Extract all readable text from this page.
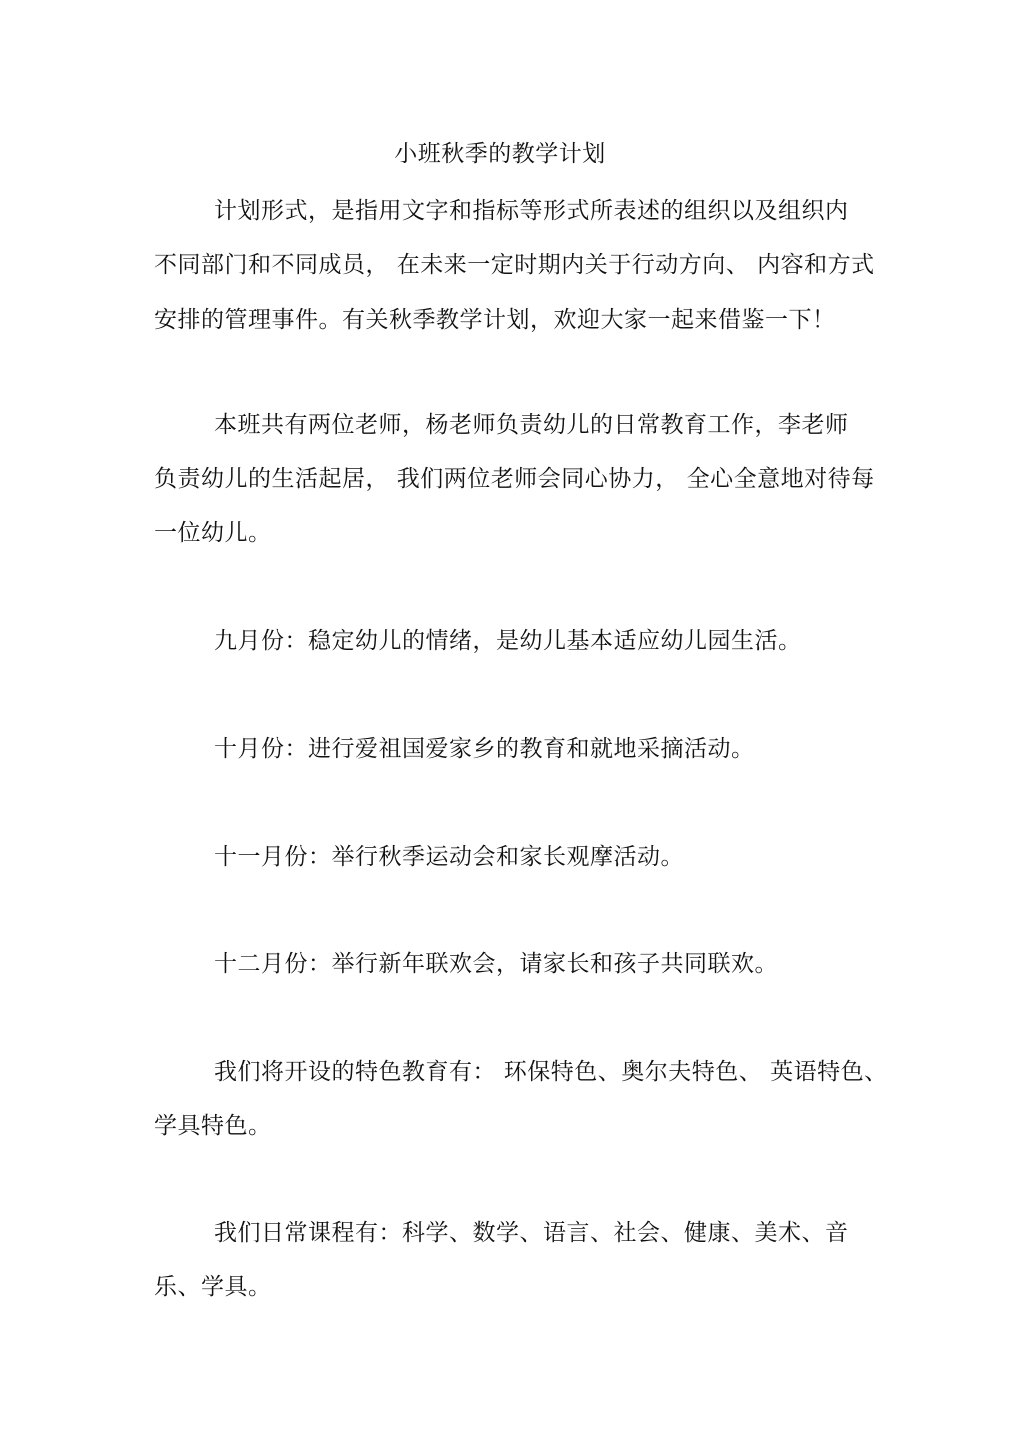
小班秋季的教学计划
计划形式，是指用文字和指标等形式所表述的组织以及组织内
不同部门和不同成员， 在未来一定时期内关于行动方向、 内容和方式
安排的管理事件。有关秋季教学计划，欢迎大家一起来借鉴一下！
本班共有两位老师，杨老师负责幼儿的日常教育工作，李老师
负责幼儿的生活起居， 我们两位老师会同心协力， 全心全意地对待每
一位幼儿。
九月份：稳定幼儿的情绪，是幼儿基本适应幼儿园生活。
十月份：进行爱祖国爱家乡的教育和就地采摘活动。
十一月份：举行秋季运动会和家长观摩活动。
十二月份：举行新年联欢会，请家长和孩子共同联欢。
我们将开设的特色教育有： 环保特色、奥尔夫特色、 英语特色、
学具特色。
我们日常课程有：科学、数学、语言、社会、健康、美术、音
乐、学具。
